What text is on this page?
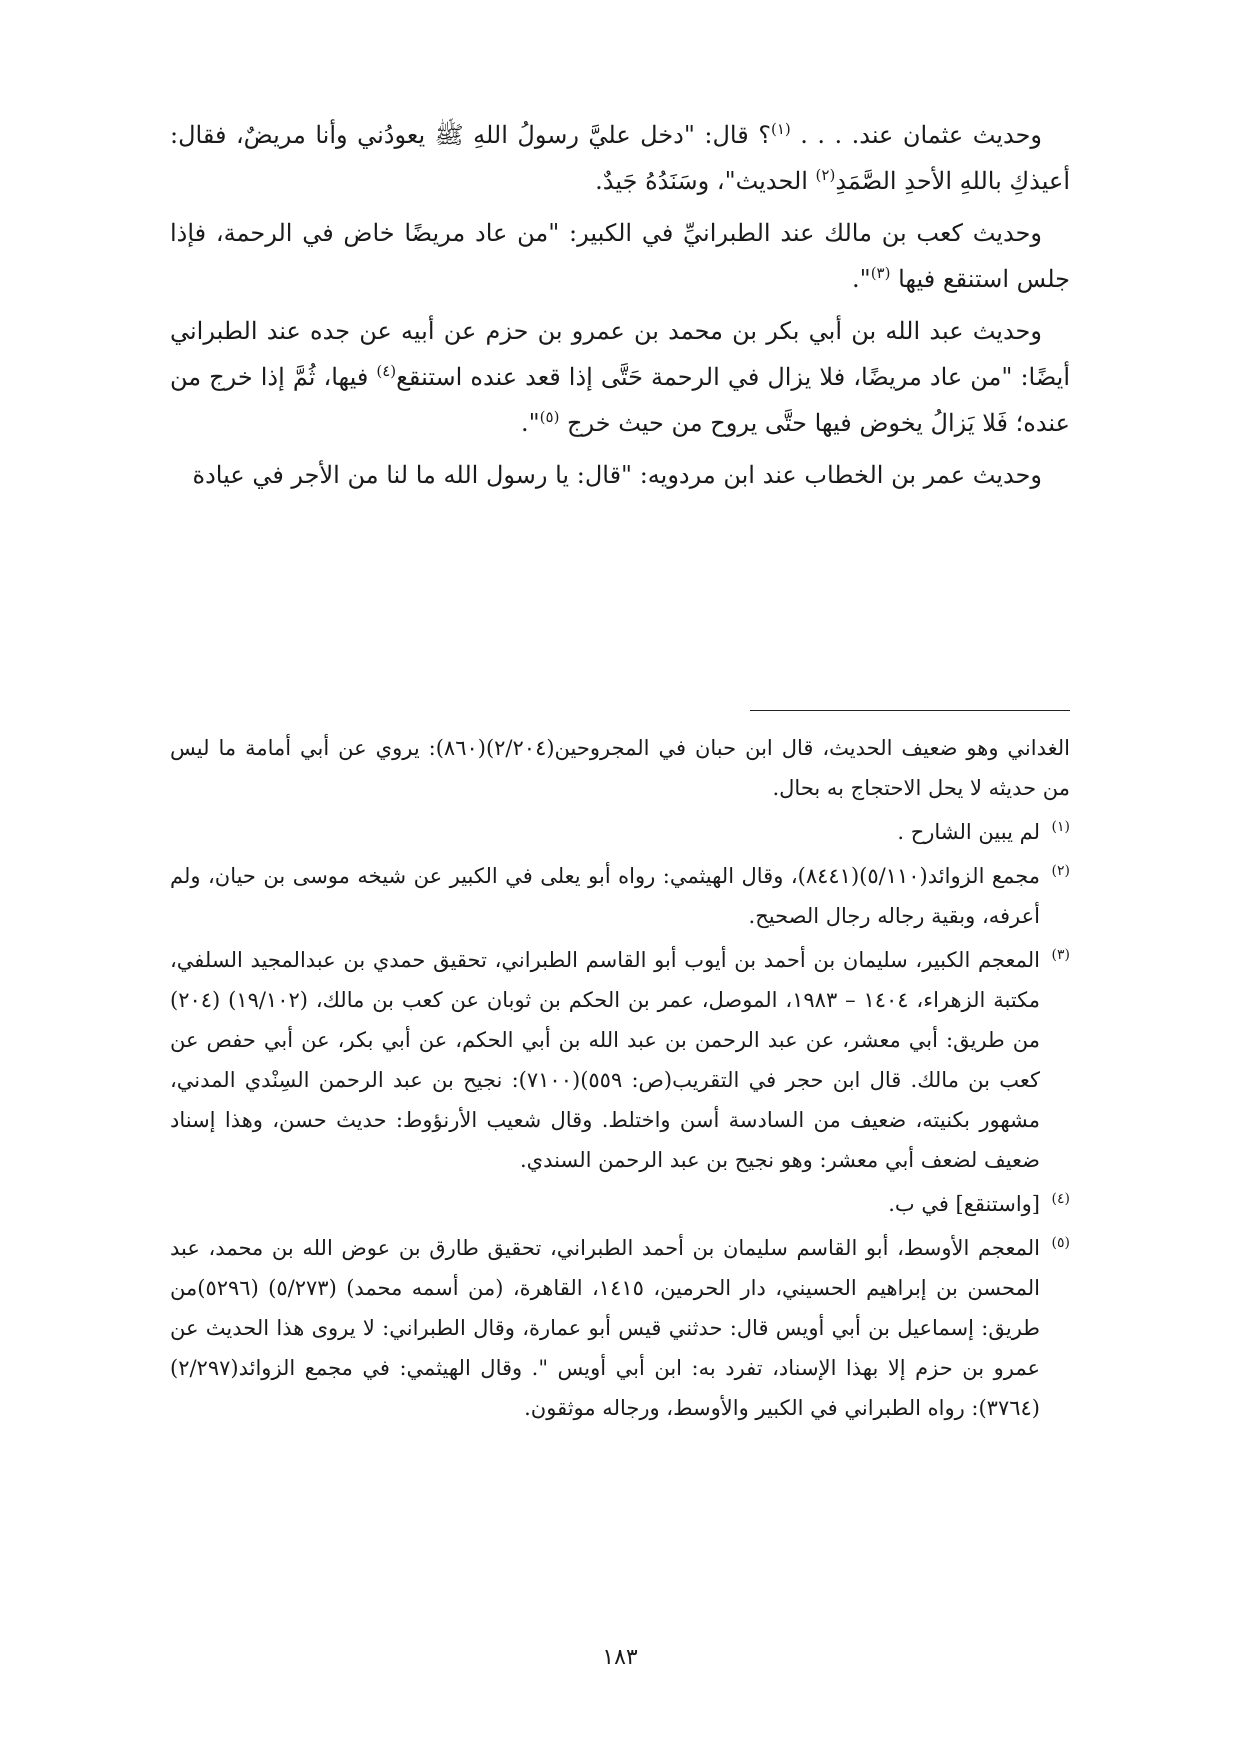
وحديث عثمان عند. . . . $^{(١)}$؟ قال: "دخل عليَّ رسولُ اللهِ ﷺ يعودُني وأنا مريضٌ، فقال: أعيذكِ باللهِ الأحدِ الصَّمَدِ$^{(٢)}$ الحديث"، وسَنَدُهُ جَيدٌ.

وحديث كعب بن مالك عند الطبرانيِّ في الكبير: "من عاد مريضًا خاض في الرحمة، فإذا جلس استنقع فيها $^{(٣)}$".

وحديث عبد الله بن أبي بكر بن محمد بن عمرو بن حزم عن أبيه عن جده عند الطبراني أيضًا: "من عاد مريضًا، فلا يزال في الرحمة حَتَّى إذا قعد عنده استنقع$^{(٤)}$ فيها، ثُمَّ إذا خرج من عنده؛ فَلا يَزالُ يخوض فيها حتَّى يروح من حيث خرج $^{(٥)}$".

وحديث عمر بن الخطاب عند ابن مردويه: "قال: يا رسول الله ما لنا من الأجر في عيادة

الغداني وهو ضعيف الحديث، قال ابن حبان في المجروحين(٢/٢٠٤)(٨٦٠): يروي عن أبي أمامة ما ليس من حديثه لا يحل الاحتجاج به بحال.

(١)
لم يبين الشارح .
(٢)
مجمع الزوائد(٥/١١٠)(٨٤٤١)، وقال الهيثمي: رواه أبو يعلى في الكبير عن شيخه موسى بن حيان، ولم أعرفه، وبقية رجاله رجال الصحيح.
(٣)
المعجم الكبير، سليمان بن أحمد بن أيوب أبو القاسم الطبراني، تحقيق حمدي بن عبدالمجيد السلفي، مكتبة الزهراء، ١٤٠٤ – ١٩٨٣، الموصل، عمر بن الحكم بن ثوبان عن كعب بن مالك، (١٩/١٠٢) (٢٠٤) من طريق: أبي معشر، عن عبد الرحمن بن عبد الله بن أبي الحكم، عن أبي بكر، عن أبي حفص عن كعب بن مالك. قال ابن حجر في التقريب(ص: ٥٥٩)(٧١٠٠): نجيح بن عبد الرحمن السِنْدي المدني، مشهور بكنيته، ضعيف من السادسة أسن واختلط. وقال شعيب الأرنؤوط: حديث حسن، وهذا إسناد ضعيف لضعف أبي معشر: وهو نجيح بن عبد الرحمن السندي.
(٤)
[واستنقع] في ب.
(٥)
المعجم الأوسط، أبو القاسم سليمان بن أحمد الطبراني، تحقيق طارق بن عوض الله بن محمد، عبد المحسن بن إبراهيم الحسيني، دار الحرمين، ١٤١٥، القاهرة، (من أسمه محمد) (٥/٢٧٣) (٥٢٩٦)من طريق: إسماعيل بن أبي أويس قال: حدثني قيس أبو عمارة، وقال الطبراني: لا يروى هذا الحديث عن عمرو بن حزم إلا بهذا الإسناد، تفرد به: ابن أبي أويس ". وقال الهيثمي: في مجمع الزوائد(٢/٢٩٧)(٣٧٦٤): رواه الطبراني في الكبير والأوسط، ورجاله موثقون.
١٨٣
